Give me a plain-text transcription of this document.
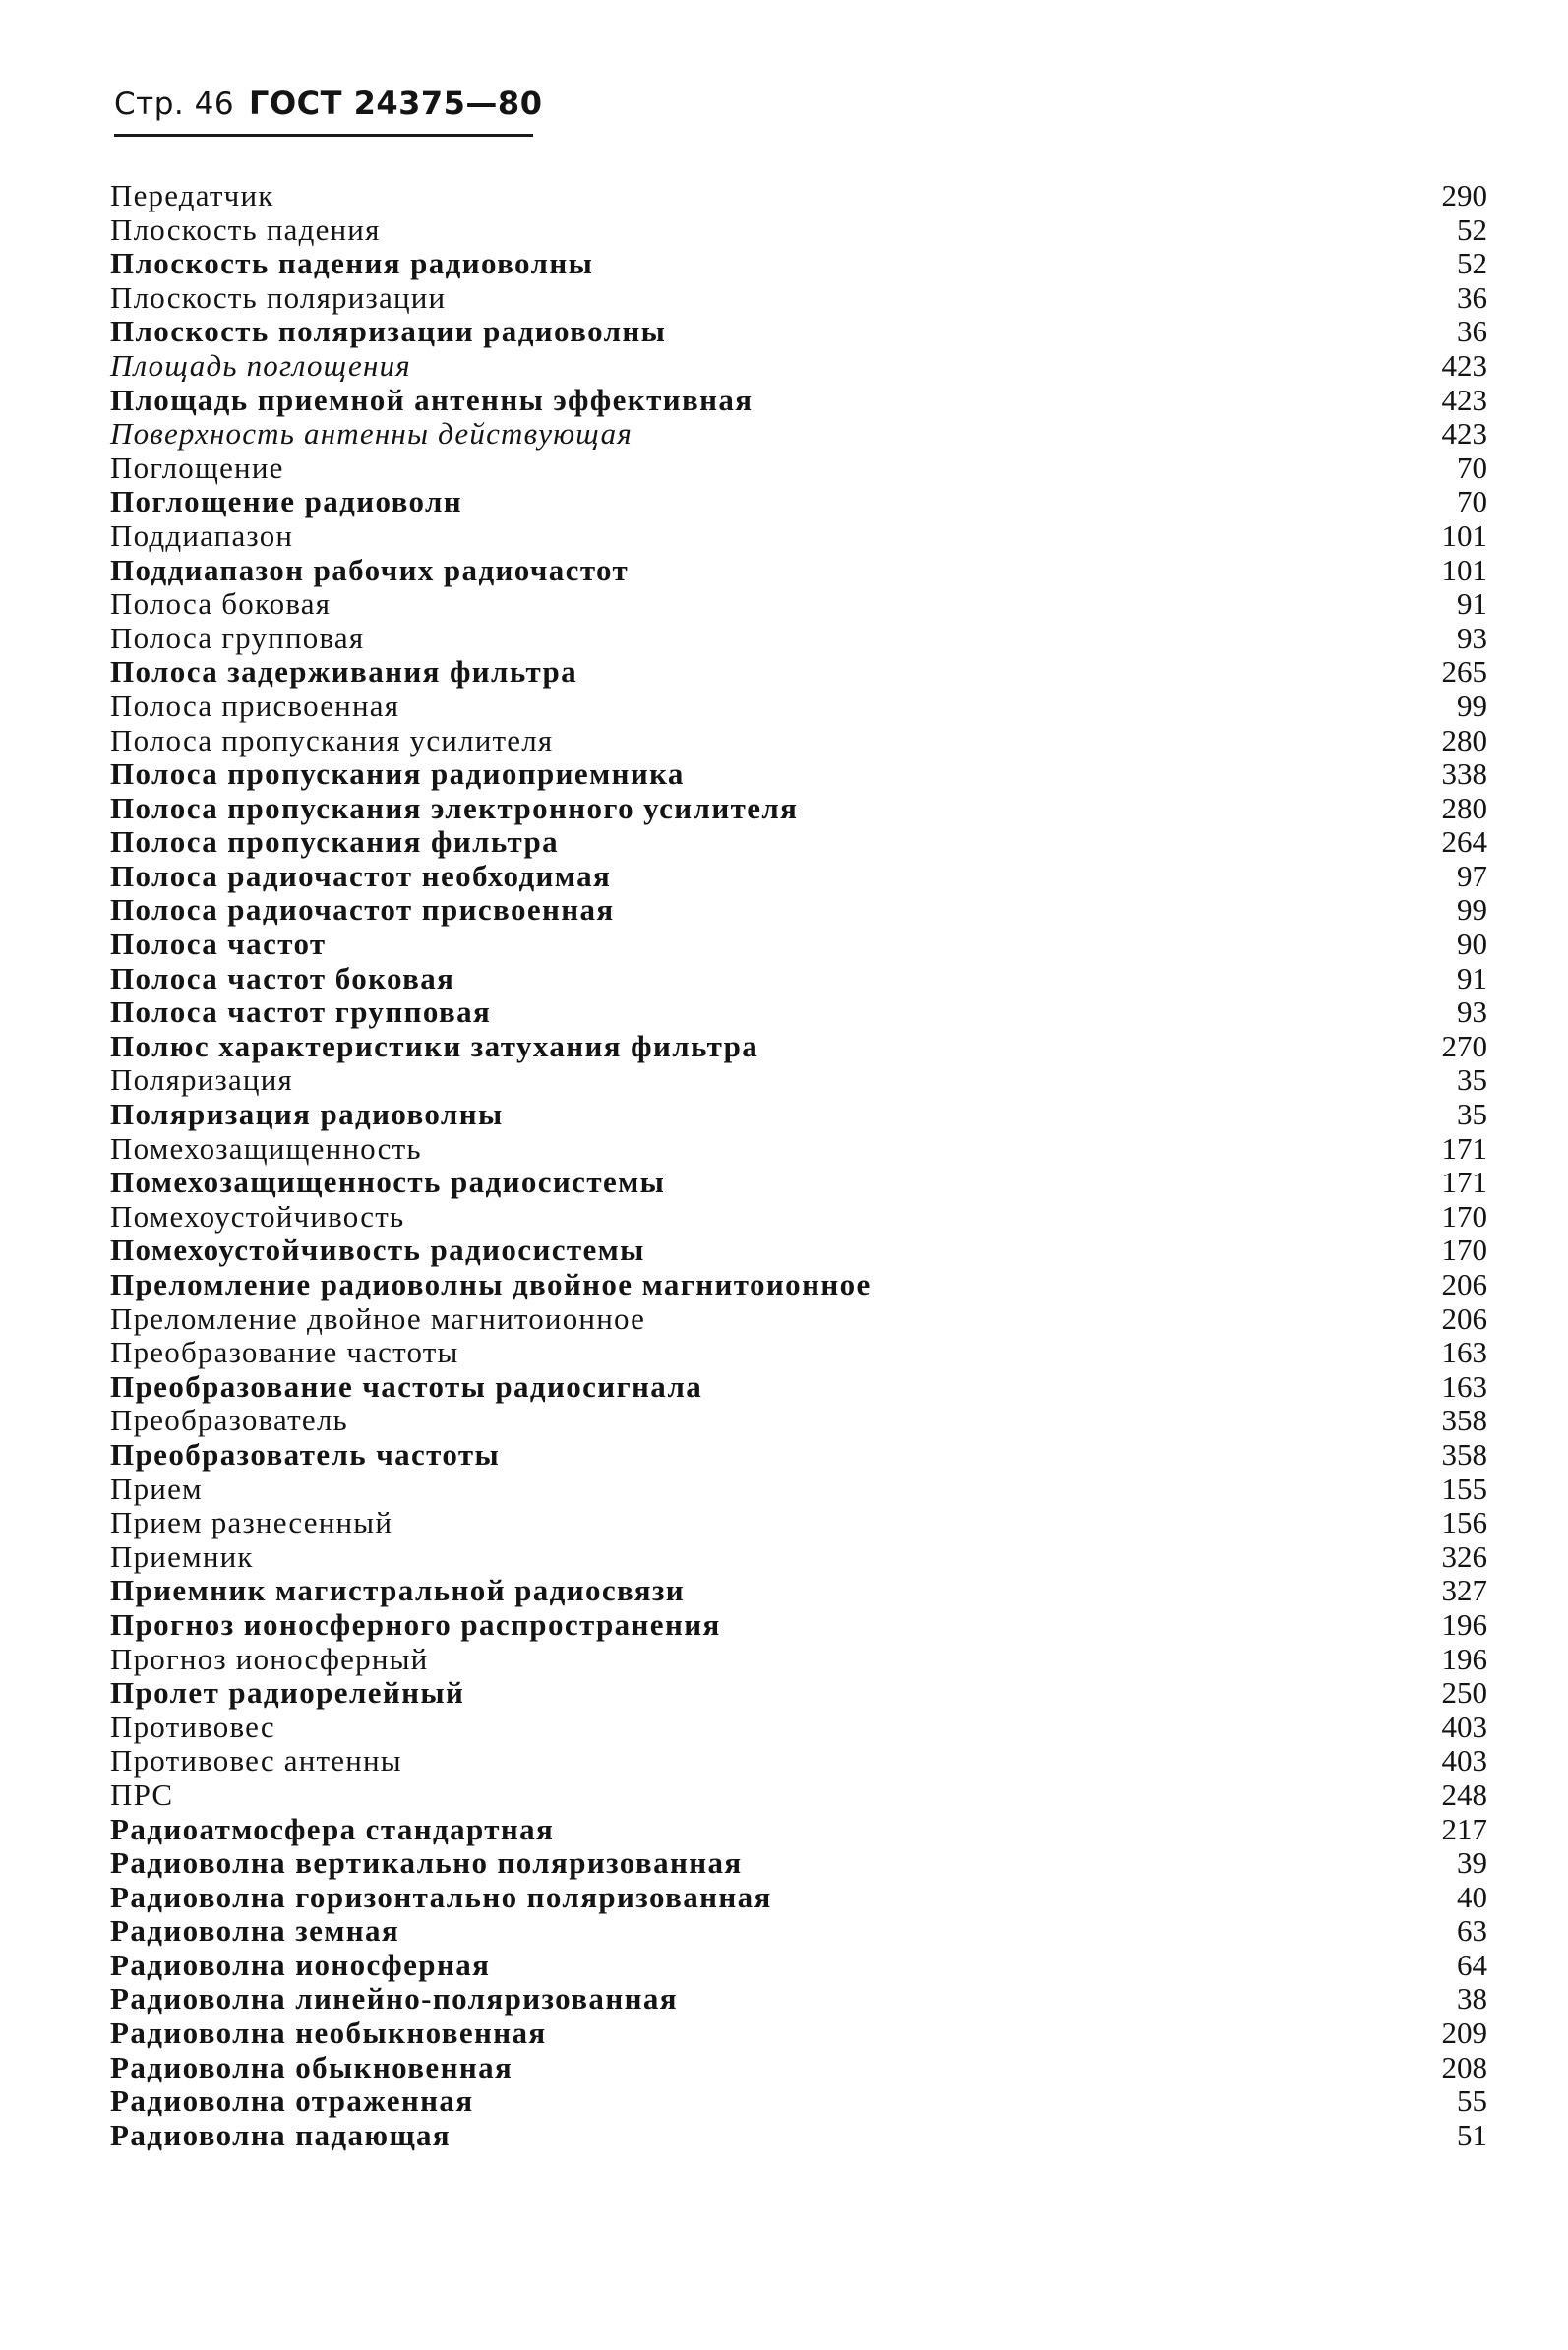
Стр. 46 ГОСТ 24375—80
Передатчик	290
Плоскость падения	52
Плоскость падения радиоволны	52
Плоскость поляризации	36
Плоскость поляризации радиоволны	36
Площадь поглощения	423
Площадь приемной антенны эффективная	423
Поверхность антенны действующая	423
Поглощение	70
Поглощение радиоволн	70
Поддиапазон	101
Поддиапазон рабочих радиочастот	101
Полоса боковая	91
Полоса групповая	93
Полоса задерживания фильтра	265
Полоса присвоенная	99
Полоса пропускания усилителя	280
Полоса пропускания радиоприемника	338
Полоса пропускания электронного усилителя	280
Полоса пропускания фильтра	264
Полоса радиочастот необходимая	97
Полоса радиочастот присвоенная	99
Полоса частот	90
Полоса частот боковая	91
Полоса частот групповая	93
Полюс характеристики затухания фильтра	270
Поляризация	35
Поляризация радиоволны	35
Помехозащищенность	171
Помехозащищенность радиосистемы	171
Помехоустойчивость	170
Помехоустойчивость радиосистемы	170
Преломление радиоволны двойное магнитоионное	206
Преломление двойное магнитоионное	206
Преобразование частоты	163
Преобразование частоты радиосигнала	163
Преобразователь	358
Преобразователь частоты	358
Прием	155
Прием разнесенный	156
Приемник	326
Приемник магистральной радиосвязи	327
Прогноз ионосферного распространения	196
Прогноз ионосферный	196
Пролет радиорелейный	250
Противовес	403
Противовес антенны	403
ПРС	248
Радиоатмосфера стандартная	217
Радиоволна вертикально поляризованная	39
Радиоволна горизонтально поляризованная	40
Радиоволна земная	63
Радиоволна ионосферная	64
Радиоволна линейно-поляризованная	38
Радиоволна необыкновенная	209
Радиоволна обыкновенная	208
Радиоволна отраженная	55
Радиоволна падающая	51
